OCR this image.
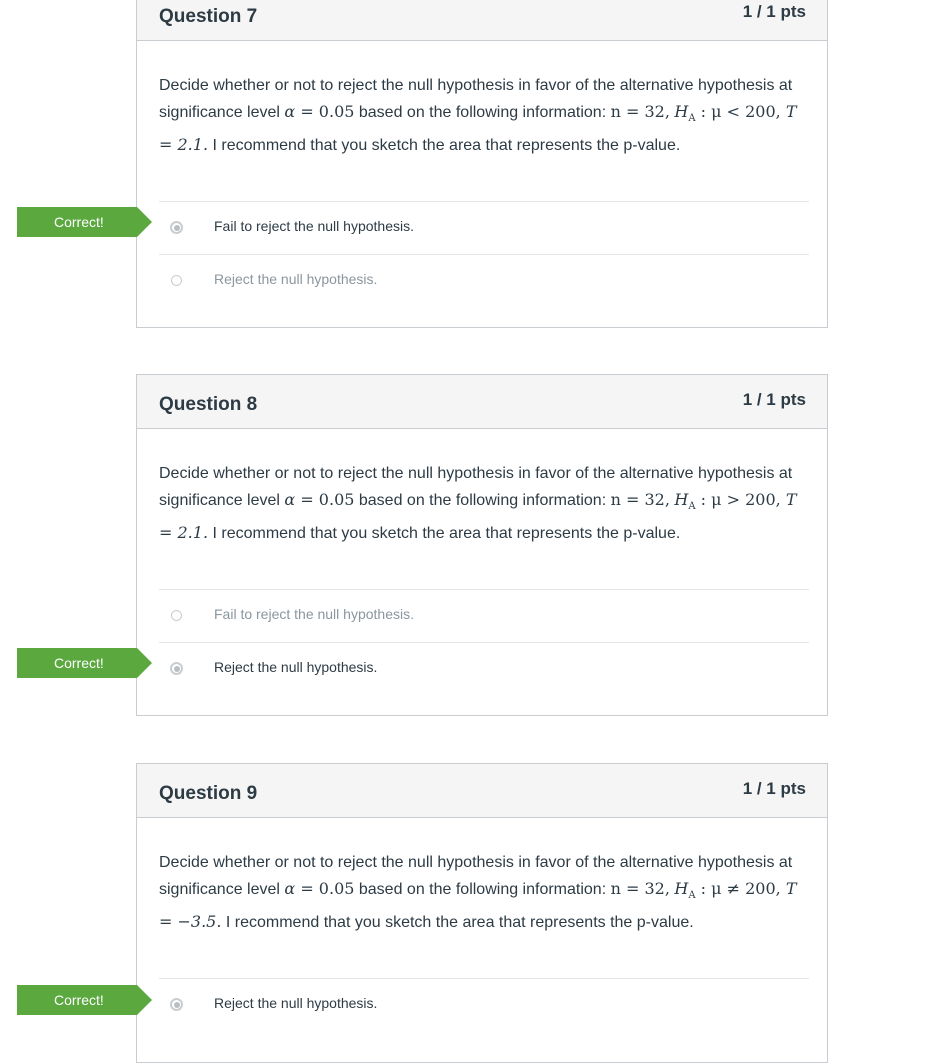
Question 7	1 / 1 pts
Decide whether or not to reject the null hypothesis in favor of the alternative hypothesis at significance level α = 0.05 based on the following information: n = 32, $H_A$ : μ < 200, T = 2.1. I recommend that you sketch the area that represents the p-value.
Fail to reject the null hypothesis.
Reject the null hypothesis.
Correct!
Question 8	1 / 1 pts
Decide whether or not to reject the null hypothesis in favor of the alternative hypothesis at significance level α = 0.05 based on the following information: n = 32, $H_A$ : μ > 200, T = 2.1. I recommend that you sketch the area that represents the p-value.
Fail to reject the null hypothesis.
Reject the null hypothesis.
Correct!
Question 9	1 / 1 pts
Decide whether or not to reject the null hypothesis in favor of the alternative hypothesis at significance level α = 0.05 based on the following information: n = 32, $H_A$ : μ ≠ 200, T = −3.5. I recommend that you sketch the area that represents the p-value.
Reject the null hypothesis.
Correct!
